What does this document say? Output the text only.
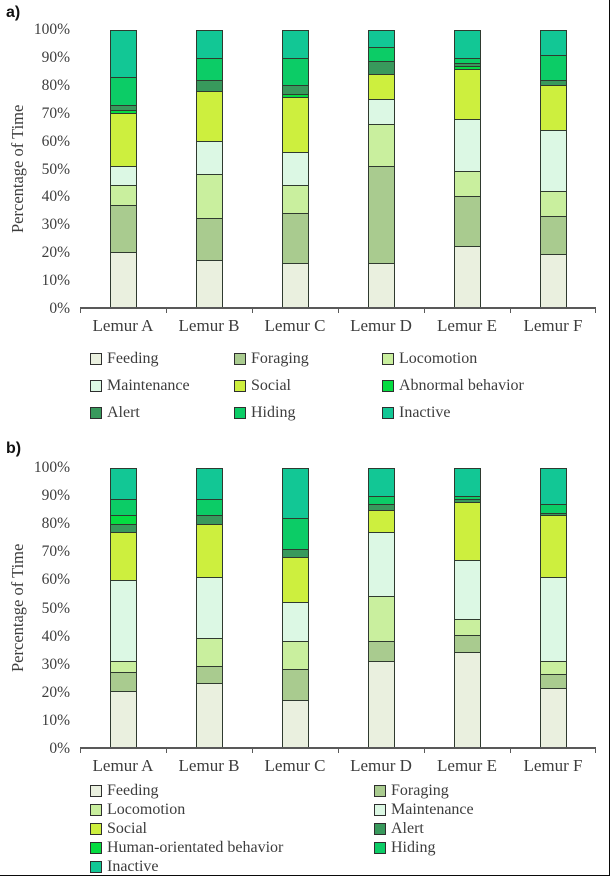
a)
Percentage of Time
0%
10%
20%
30%
40%
50%
60%
70%
80%
90%
100%
Lemur A	Lemur B	Lemur C	Lemur D	Lemur E	Lemur F
Feeding	Foraging	Locomotion
Maintenance	Social	Abnormal behavior
Alert	Hiding	Inactive
b)
Percentage of Time
0%
10%
20%
30%
40%
50%
60%
70%
80%
90%
100%
Lemur A	Lemur B	Lemur C	Lemur D	Lemur E	Lemur F
Feeding	Foraging
Locomotion	Maintenance
Social	Alert
Human-orientated behavior	Hiding
Inactive
